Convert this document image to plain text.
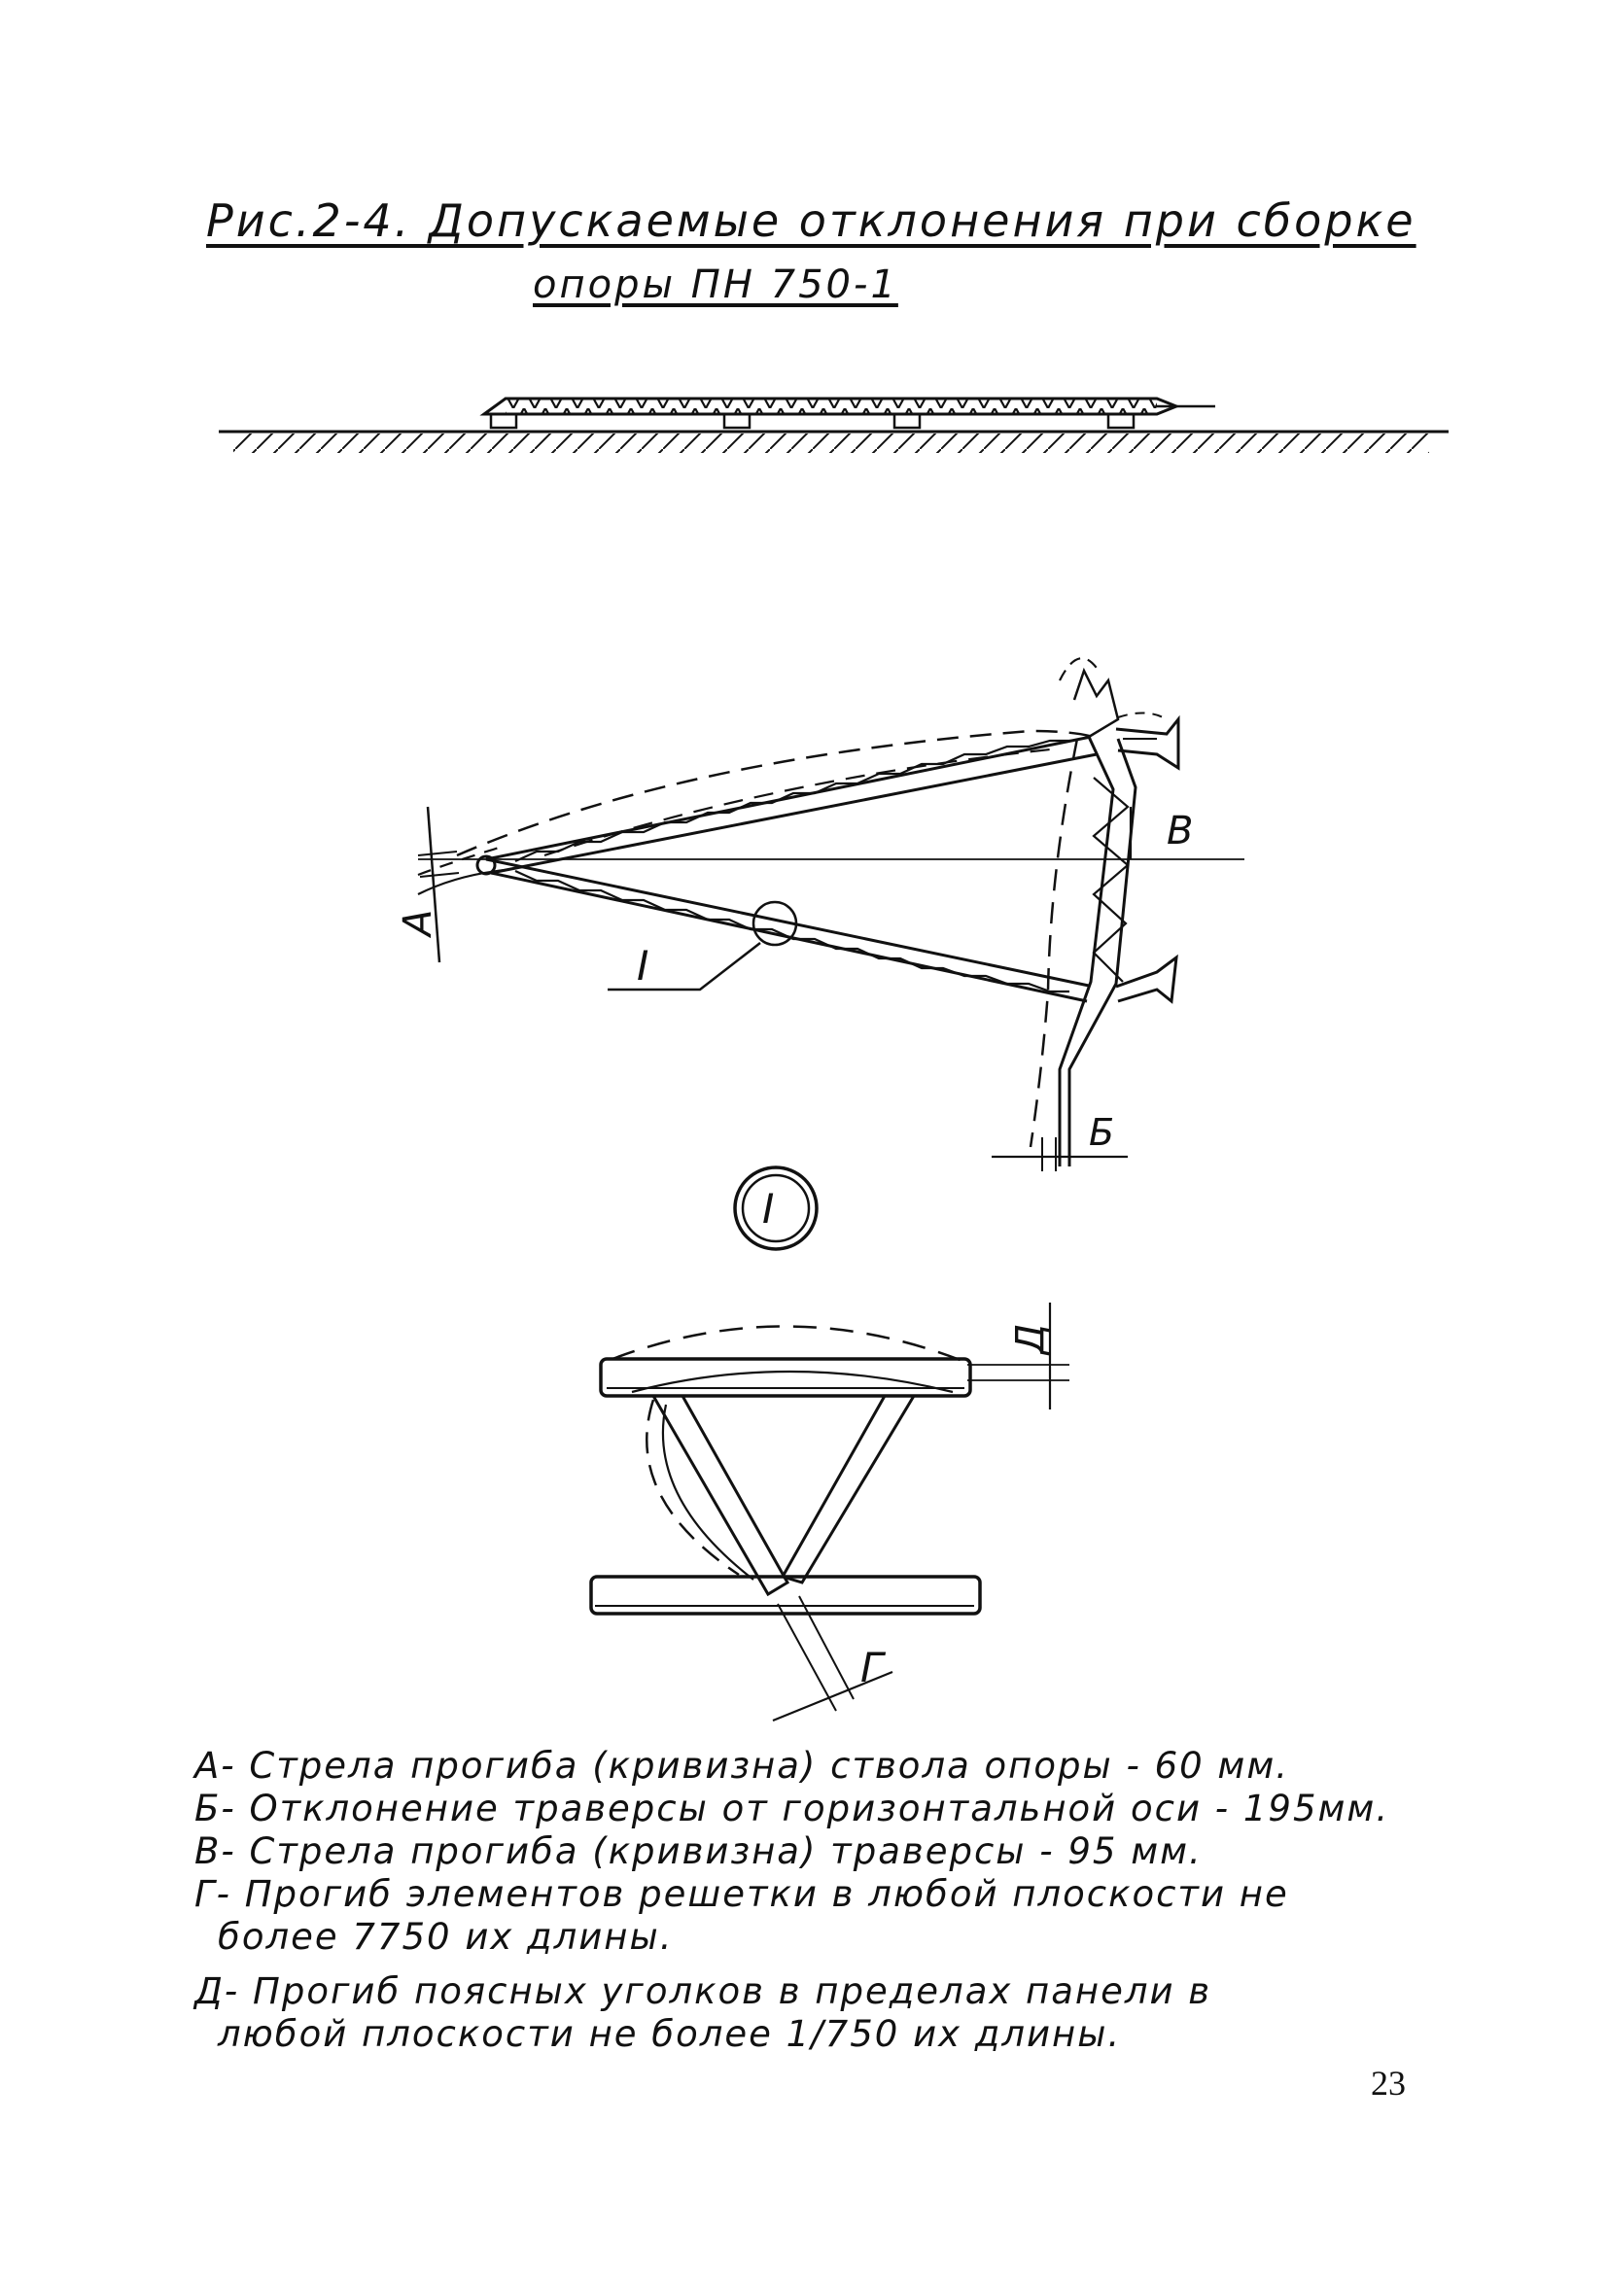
Рис.2-4. Допускаемые отклонения при сборке
опоры ПН 750-1
I
А
В
Б
I
Д
Г
А- Стрела прогиба (кривизна) ствола опоры - 60 мм.
Б- Отклонение траверсы от горизонтальной оси - 195мм.
В- Стрела прогиба (кривизна) траверсы - 95 мм.
Г- Прогиб элементов решетки в любой плоскости не
более 7750 их длины.
Д- Прогиб поясных уголков в пределах панели в
любой плоскости не более 1/750 их длины.
23
